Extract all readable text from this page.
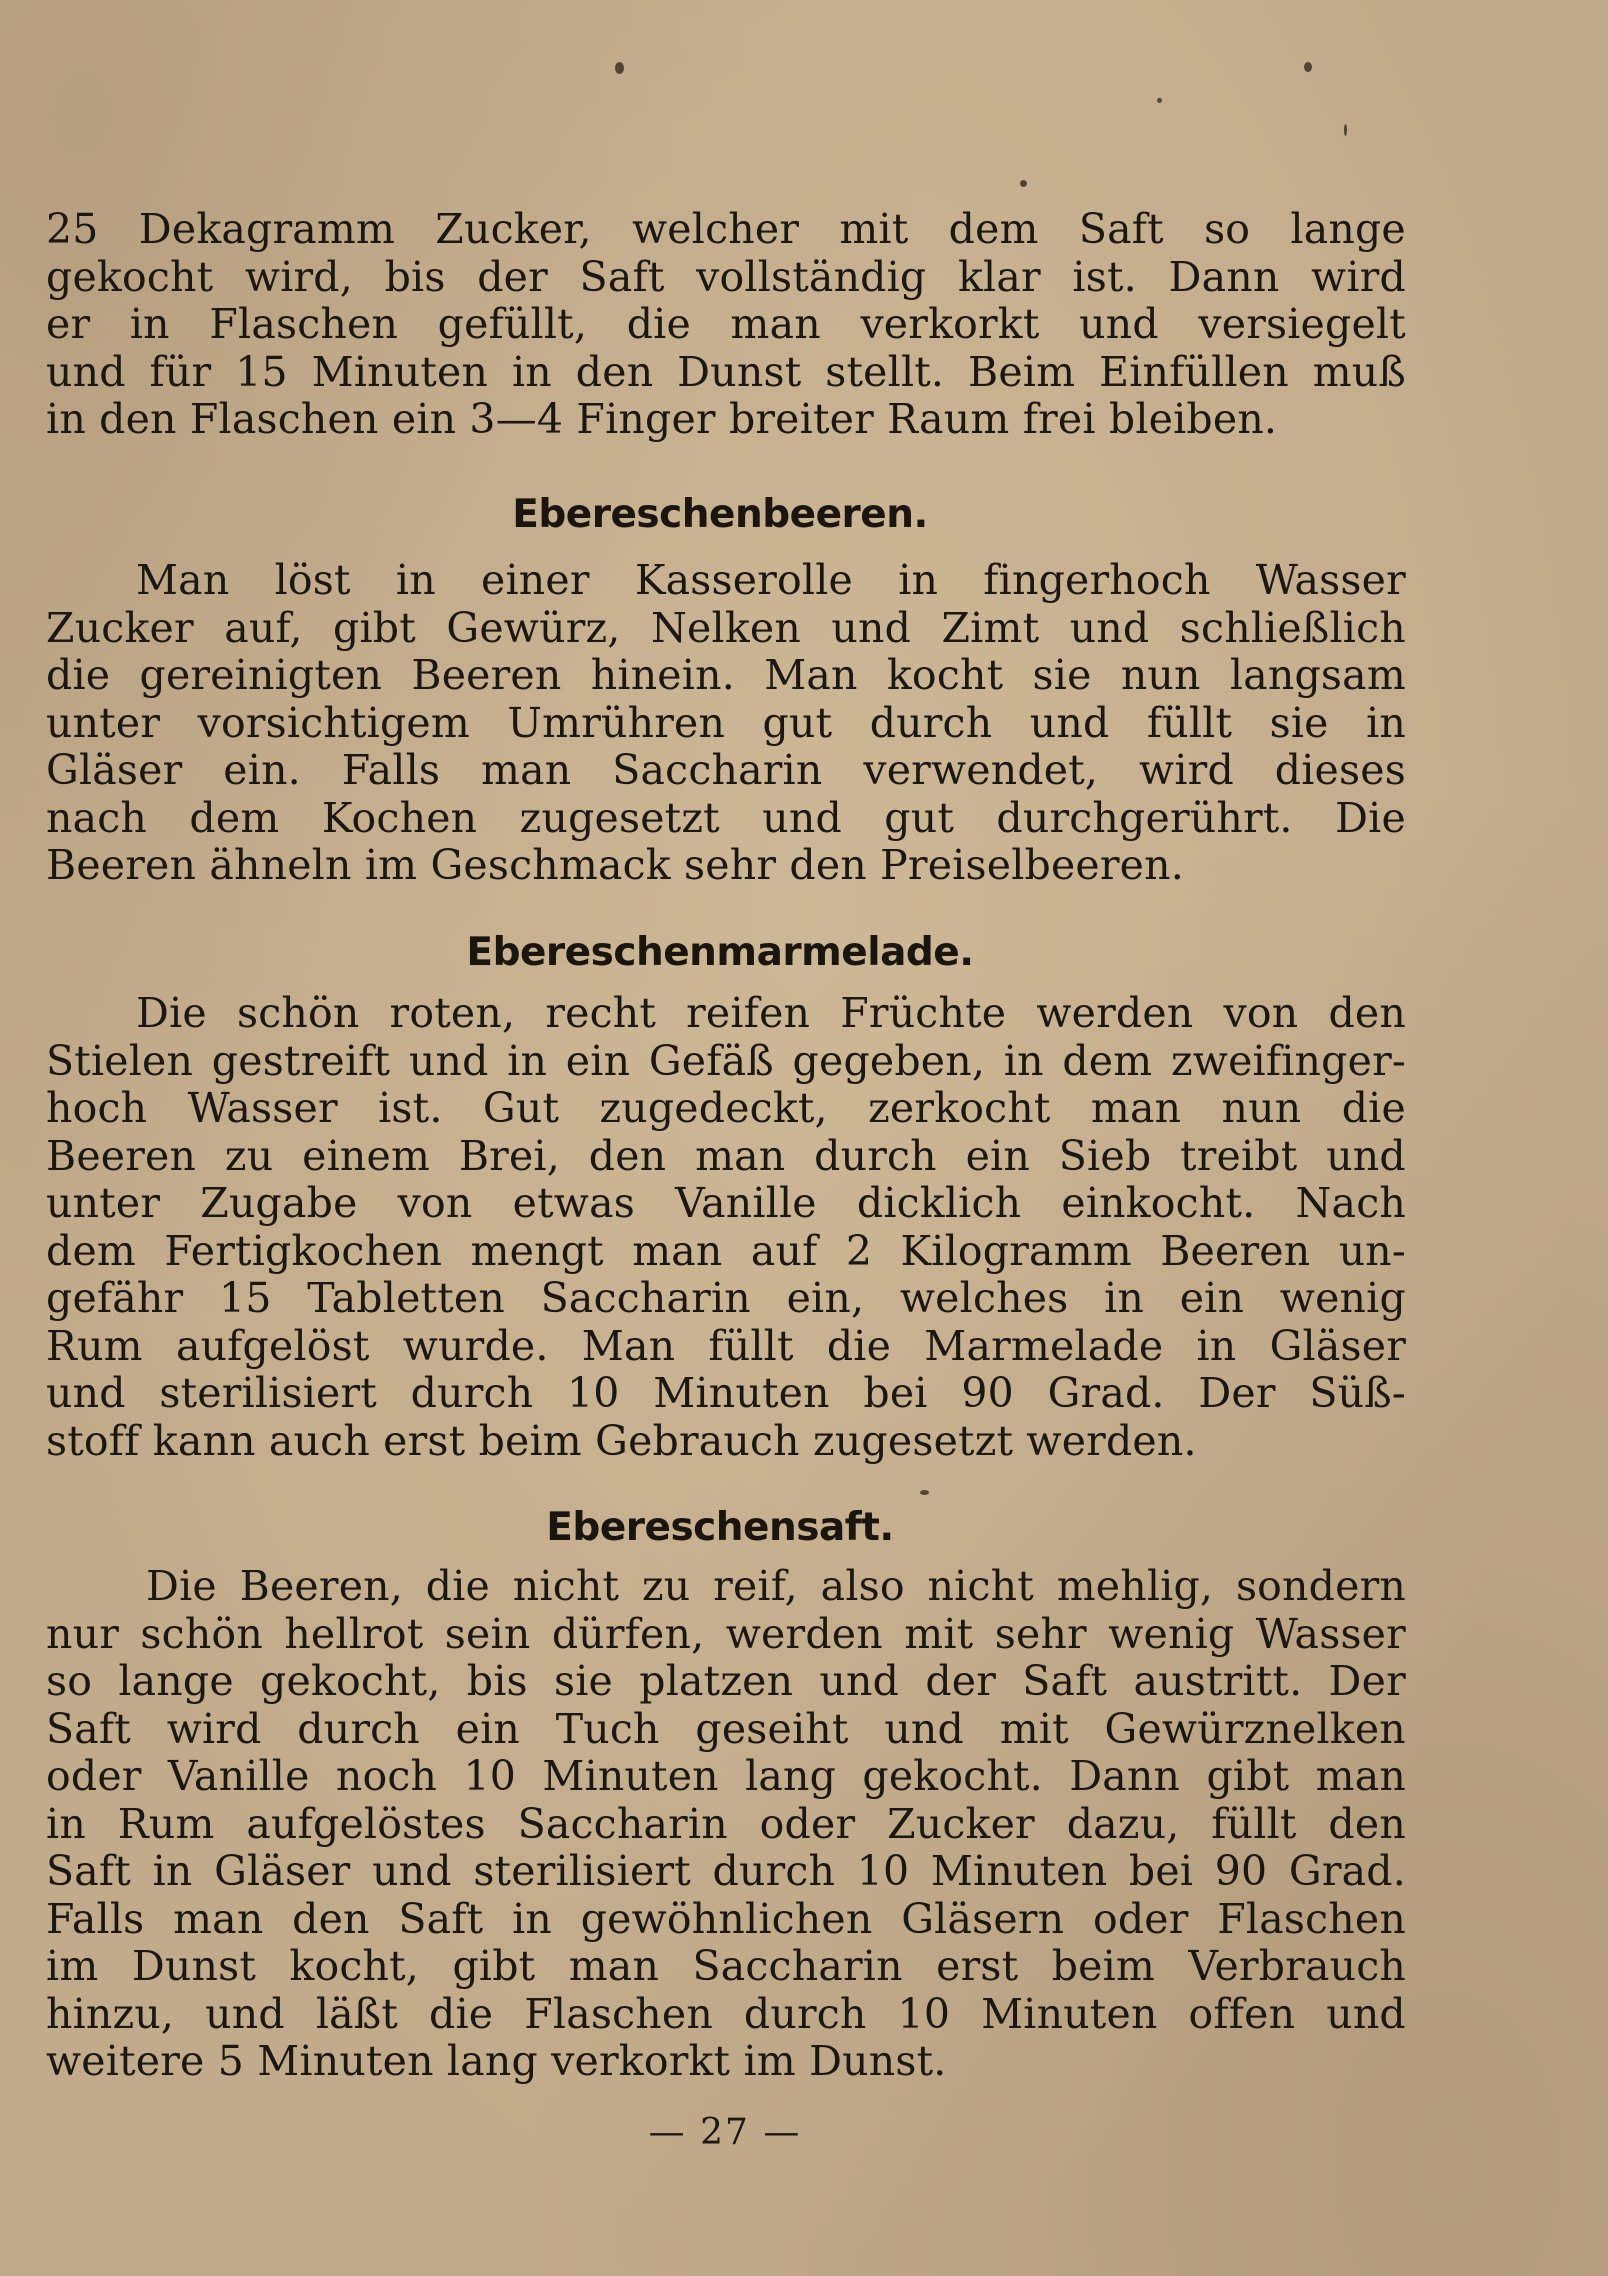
25 Dekagramm Zucker, welcher mit dem Saft so lange
gekocht wird, bis der Saft vollständig klar ist. Dann wird
er in Flaschen gefüllt, die man verkorkt und versiegelt
und für 15 Minuten in den Dunst stellt. Beim Einfüllen muß
in den Flaschen ein 3—4 Finger breiter Raum frei bleiben.
Ebereschenbeeren.
Man löst in einer Kasserolle in fingerhoch Wasser
Zucker auf, gibt Gewürz, Nelken und Zimt und schließlich
die gereinigten Beeren hinein. Man kocht sie nun langsam
unter vorsichtigem Umrühren gut durch und füllt sie in
Gläser ein. Falls man Saccharin verwendet, wird dieses
nach dem Kochen zugesetzt und gut durchgerührt. Die
Beeren ähneln im Geschmack sehr den Preiselbeeren.
Ebereschenmarmelade.
Die schön roten, recht reifen Früchte werden von den
Stielen gestreift und in ein Gefäß gegeben, in dem zweifinger-
hoch Wasser ist. Gut zugedeckt, zerkocht man nun die
Beeren zu einem Brei, den man durch ein Sieb treibt und
unter Zugabe von etwas Vanille dicklich einkocht. Nach
dem Fertigkochen mengt man auf 2 Kilogramm Beeren un-
gefähr 15 Tabletten Saccharin ein, welches in ein wenig
Rum aufgelöst wurde. Man füllt die Marmelade in Gläser
und sterilisiert durch 10 Minuten bei 90 Grad. Der Süß-
stoff kann auch erst beim Gebrauch zugesetzt werden.
Ebereschensaft.
Die Beeren, die nicht zu reif, also nicht mehlig, sondern
nur schön hellrot sein dürfen, werden mit sehr wenig Wasser
so lange gekocht, bis sie platzen und der Saft austritt. Der
Saft wird durch ein Tuch geseiht und mit Gewürznelken
oder Vanille noch 10 Minuten lang gekocht. Dann gibt man
in Rum aufgelöstes Saccharin oder Zucker dazu, füllt den
Saft in Gläser und sterilisiert durch 10 Minuten bei 90 Grad.
Falls man den Saft in gewöhnlichen Gläsern oder Flaschen
im Dunst kocht, gibt man Saccharin erst beim Verbrauch
hinzu, und läßt die Flaschen durch 10 Minuten offen und
weitere 5 Minuten lang verkorkt im Dunst.
— 27 —
